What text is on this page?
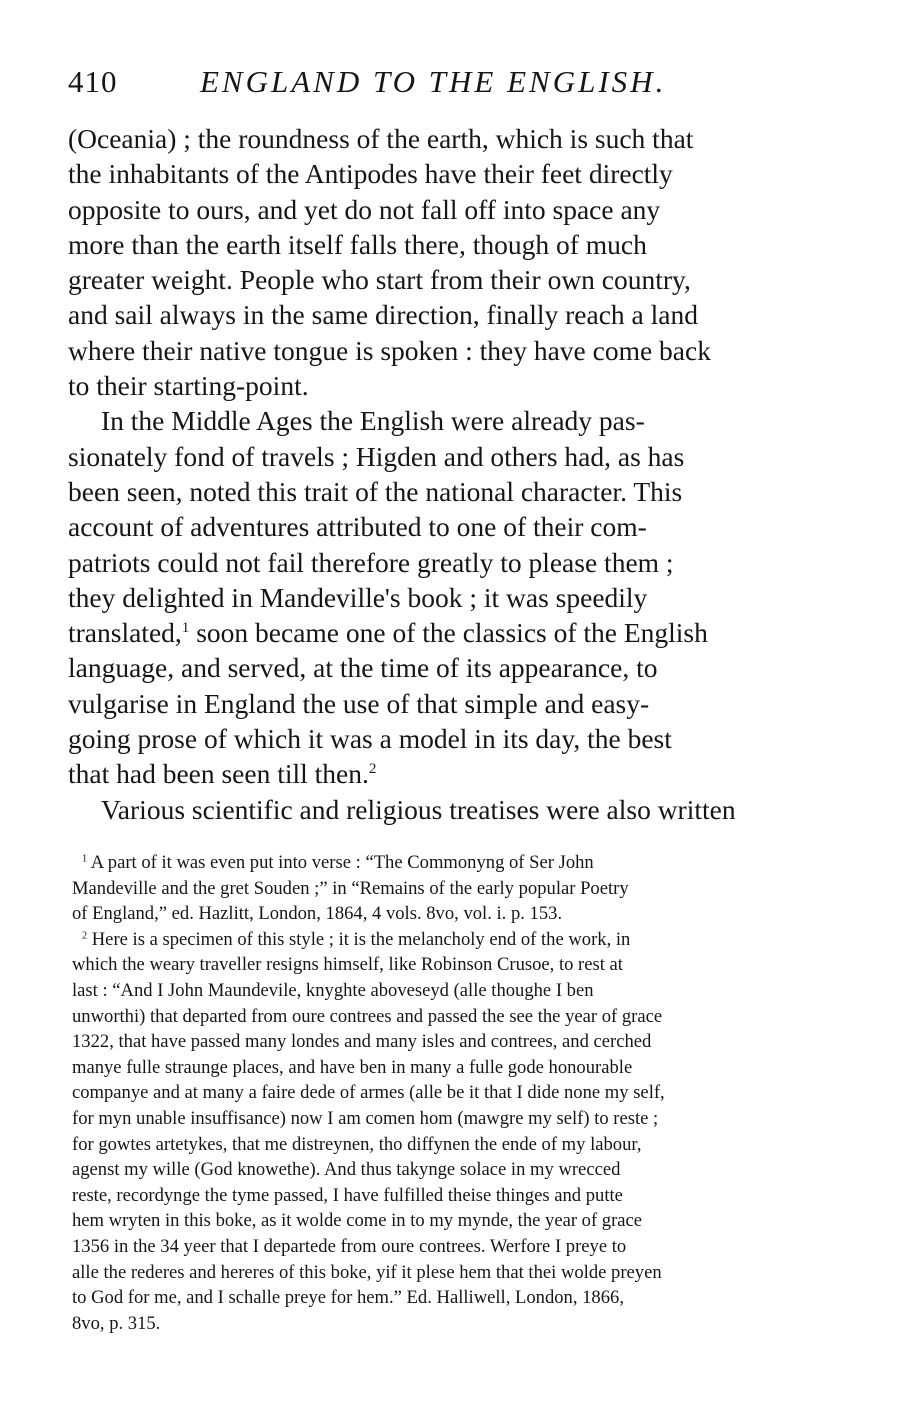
410	ENGLAND TO THE ENGLISH.

(Oceania) ; the roundness of the earth, which is such that
the inhabitants of the Antipodes have their feet directly
opposite to ours, and yet do not fall off into space any
more than the earth itself falls there, though of much
greater weight. People who start from their own country,
and sail always in the same direction, finally reach a land
where their native tongue is spoken : they have come back
to their starting-point.

In the Middle Ages the English were already pas-
sionately fond of travels ; Higden and others had, as has
been seen, noted this trait of the national character. This
account of adventures attributed to one of their com-
patriots could not fail therefore greatly to please them ;
they delighted in Mandeville's book ; it was speedily
translated,$^1$ soon became one of the classics of the English
language, and served, at the time of its appearance, to
vulgarise in England the use of that simple and easy-
going prose of which it was a model in its day, the best
that had been seen till then.$^2$

Various scientific and religious treatises were also written

$^1$ A part of it was even put into verse : “The Commonyng of Ser John
Mandeville and the gret Souden ;” in “Remains of the early popular Poetry
of England,” ed. Hazlitt, London, 1864, 4 vols. 8vo, vol. i. p. 153.

$^2$ Here is a specimen of this style ; it is the melancholy end of the work, in
which the weary traveller resigns himself, like Robinson Crusoe, to rest at
last : “And I John Maundevile, knyghte aboveseyd (alle thoughe I ben
unworthi) that departed from oure contrees and passed the see the year of grace
1322, that have passed many londes and many isles and contrees, and cerched
manye fulle straunge places, and have ben in many a fulle gode honourable
companye and at many a faire dede of armes (alle be it that I dide none my self,
for myn unable insuffisance) now I am comen hom (mawgre my self) to reste ;
for gowtes artetykes, that me distreynen, tho diffynen the ende of my labour,
agenst my wille (God knowethe). And thus takynge solace in my wrecced
reste, recordynge the tyme passed, I have fulfilled theise thinges and putte
hem wryten in this boke, as it wolde come in to my mynde, the year of grace
1356 in the 34 yeer that I departede from oure contrees. Werfore I preye to
alle the rederes and hereres of this boke, yif it plese hem that thei wolde preyen
to God for me, and I schalle preye for hem.” Ed. Halliwell, London, 1866,
8vo, p. 315.
